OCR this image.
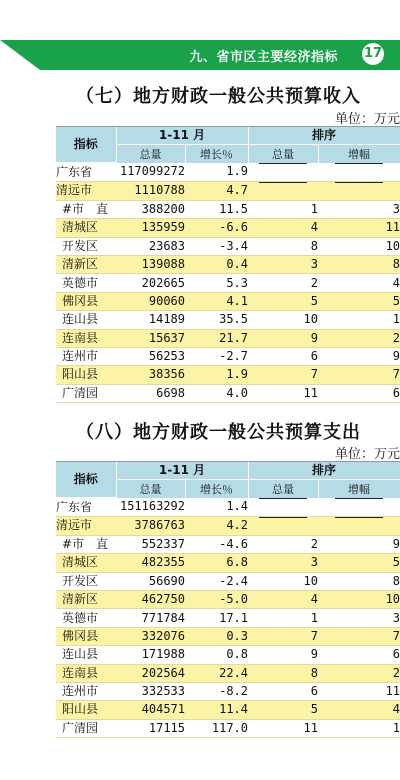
九、省市区主要经济指标 17
（七）地方财政一般公共预算收入
单位：万元
指标	1-11 月		排序	
	总量	增长％	总量	增幅
广东省	117099272	1.9		
清远市	1110788	4.7		
#市　直	388200	11.5	1	3
清城区	135959	-6.6	4	11
开发区	23683	-3.4	8	10
清新区	139088	0.4	3	8
英德市	202665	5.3	2	4
佛冈县	90060	4.1	5	5
连山县	14189	35.5	10	1
连南县	15637	21.7	9	2
连州市	56253	-2.7	6	9
阳山县	38356	1.9	7	7
广清园	6698	4.0	11	6
（八）地方财政一般公共预算支出
单位：万元
指标	1-11 月		排序	
	总量	增长％	总量	增幅
广东省	151163292	1.4		
清远市	3786763	4.2		
#市　直	552337	-4.6	2	9
清城区	482355	6.8	3	5
开发区	56690	-2.4	10	8
清新区	462750	-5.0	4	10
英德市	771784	17.1	1	3
佛冈县	332076	0.3	7	7
连山县	171988	0.8	9	6
连南县	202564	22.4	8	2
连州市	332533	-8.2	6	11
阳山县	404571	11.4	5	4
广清园	17115	117.0	11	1
